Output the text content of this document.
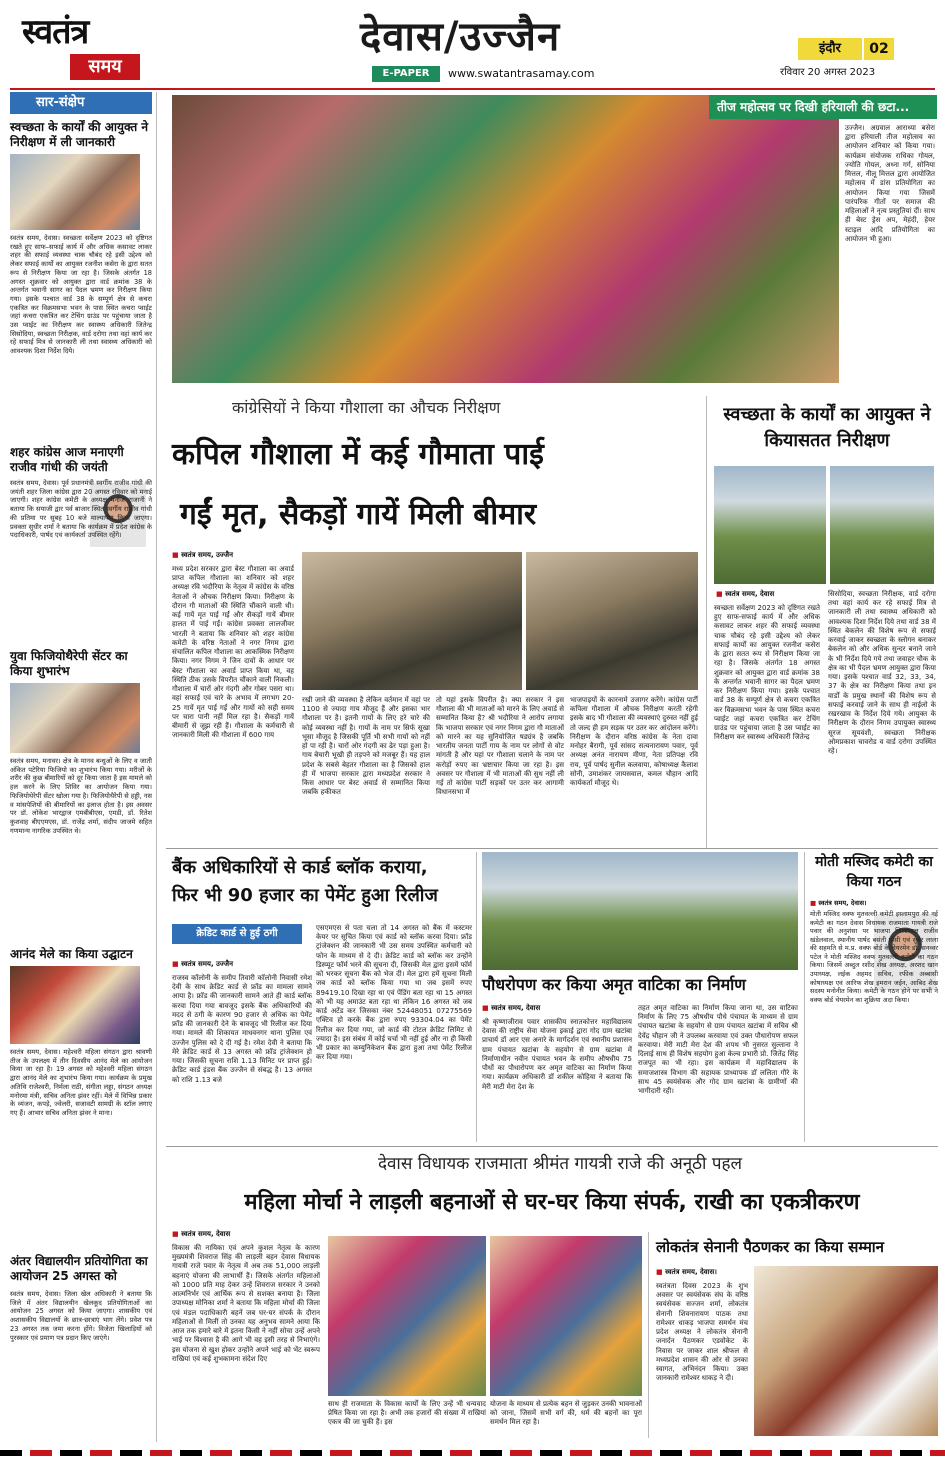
स्वतंत्र
समय
देवास/उज्जैन
E-PAPER	www.swatantrasamay.com
इंदौर	02
रविवार 20 अगस्त 2023
सार-संक्षेप
स्वच्छता के कार्यों की आयुक्त ने निरीक्षण में ली जानकारी
स्वतंत्र समय, देवास। स्वच्छता सर्वेक्षण 2023 को दृष्टिगत रखते हुए साफ–सफाई कार्य में और अधिक कसावट लाकर शहर की सफाई व्यवस्था चाक चौबंद रहे इसी उद्देश्य को लेकर सफाई कार्यो का आयुक्त रजनीश कसेरा के द्वारा सतत रूप से निरीक्षण किया जा रहा है। जिसके अंतर्गत 18 अगस्त शुक्रवार को आयुक्त द्वारा वार्ड क्रमांक 38 के अन्तर्गत भवानी सागर का पैदल भ्रमण कर निरीक्षण किया गया। इसके पश्चात वार्ड 38 के सम्पूर्ण क्षेत्र से कचरा एकत्रित कर विक्रमसभा भवन के पास स्थित कचरा प्वाईट जहां कचरा एकत्रित कर टेचिंग ग्राउंड पर पहुंचाया जाता है उस प्वाईट का निरीक्षण कर स्वास्थ्य अधिकारी जितेन्द्र सिसोदिया, स्वच्छता निरीक्षक, वार्ड दरोगा तथा वहां कार्य कर रहे सफाई मित्र से जानकारी ली तथा स्वास्थ्य अधिकारी को आवश्यक दिशा निर्देश दिये।
शहर कांग्रेस आज मनाएगी राजीव गांधी की जयंती
स्वतंत्र समय, देवास। पूर्व प्रधानमंत्री स्वर्गीय राजीव गांधी की जयंती शहर जिला कांग्रेस द्वारा 20 अगस्त रविवार को मनाई जाएगी। शहर कांग्रेस कमेटी के अध्यक्ष मनोज राजानी ने बताया कि सयाजी द्वार पर्व बाजार स्थित स्वर्गीय राजीव गांधी की प्रतिमा पर सुबह 10 बजे माल्यार्पण किया जाएगा। प्रवक्ता सुधीर शर्मा ने बताया कि कार्यक्रम में प्रदेश कांग्रेस के पदाधिकारी, पार्षद एवं कार्यकर्ता उपस्थित रहेंगे।
युवा फिजियोथैरेपी सेंटर का किया शुभारंभ
स्वतंत्र समय, मनावर। क्षेत्र के मानव बन्धुओं के लिए व जाती अंकित पटेरिया फिजियो का शुभारंभ किया गया। मरीजों के शरीर की कुछ बीमारियों को दूर किया जाता है इस मामले को हल करने के लिए शिविर का आयोजन किया गया। फिजियोथेरेपी सेंटर खोला गया है। फिजियोथैरेपी से हड्डी, नस व मांसपेशियों की बीमारियों का इलाज होता है। इस अवसर पर डॉ. लोकेश भारद्वाज एमबीबीएस, एमडी, डॉ. रितेश कुशवाह बीएएमएस, डॉ. राजेंद्र शर्मा, संदीप जाजमे सहित गणमान्य नागरिक उपस्थित थे।
आनंद मेले का किया उद्घाटन
स्वतंत्र समय, देवास। महेश्वरी महिला संगठन द्वारा श्रावणी तीज के उपलक्ष्य में तीन दिवसीय आनंद मेले का आयोजन किया जा रहा है। 19 अगस्त को महेश्वरी महिला संगठन द्वारा आनंद मेले का शुभारंभ किया गया। कार्यक्रम के प्रमुख अतिथि राजेश्वरी, निर्मला राठी, संगीता लड्डा, संगठन अध्यक्ष मनोरमा मंत्री, सचिव अनिता झंवर रहीं। मेले में विभिन्न प्रकार के व्यंजन, कपड़े, ज्वेलरी, सजावटी सामग्री के स्टॉल लगाए गए हैं। आभार सचिव अनिता झंवर ने माना।
अंतर विद्यालयीन प्रतियोगिता का आयोजन 25 अगस्त को
स्वतंत्र समय, देवास। जिला खेल अधिकारी ने बताया कि जिले में अंतर विद्यालयीन खेलकूद प्रतियोगिताओं का आयोजन 25 अगस्त को किया जाएगा। शासकीय एवं अशासकीय विद्यालयों के छात्र-छात्राएं भाग लेंगे। प्रवेश पत्र 23 अगस्त तक जमा करना होंगे। विजेता खिलाड़ियों को पुरस्कार एवं प्रमाण पत्र प्रदान किए जाएंगे।
तीज महोत्सव पर दिखी हरियाली की छटा...
उज्जैन। अग्रवाल आराध्या बसेरा द्वारा हरियाली तीज महोत्सव का आयोजन शनिवार को किया गया। कार्यक्रम संयोजक राधिका गोयल, ज्योति गोयल, अध्ना गर्ग, सोनिया मित्तल, नीलू मित्तल द्वारा आयोजित महोत्सव में डांस प्रतियोगिता का आयोजन किया गया जिसमें पारंपरिक गीतों पर समाज की महिलाओं ने नृत्य प्रस्तुतियां दीं। साथ ही बेस्ट ड्रेस अप, मेहंदी, हेयर स्टाइल आदि प्रतियोगिता का आयोजन भी हुआ।
कांग्रेसियों ने किया गौशाला का औचक निरीक्षण
कपिल गौशाला में कई गौमाता पाई
गईं मृत, सैकड़ों गायें मिली बीमार
■ स्वतंत्र समय, उज्जैन
मध्य प्रदेश सरकार द्वारा बेस्ट गौशाला का अवार्ड प्राप्त कपिल गौशाला का शनिवार को शहर अध्यक्ष रवि भदौरिया के नेतृत्व में कांग्रेस के वरिष्ठ नेताओं ने औचक निरीक्षण किया। निरीक्षण के दौरान गौ माताओं की स्थिति चौंकाने वाली थी। कई गायें मृत पाई गईं और सैकड़ों गायें बीमार हालत में पाई गईं। कांग्रेस प्रवक्ता लालजीवर भारती ने बताया कि शनिवार को शहर कांग्रेस कमेटी के वरिष्ठ नेताओं ने नगर निगम द्वारा संचालित कपिल गौशाला का आकस्मिक निरीक्षण किया। नगर निगम ने जिन दावों के आधार पर बेस्ट गौशाला का अवार्ड प्राप्त किया था, वह स्थिति ठीक उसके विपरीत चौंकाने वाली निकली। गौशाला में चारों ओर गंदगी और गोबर पसरा था। वहां सफाई एवं चारे के अभाव में लगभग 20-25 गायें मृत पाई गईं और गायों को सही समय पर चारा पानी नहीं मिल रहा है। सैकड़ों गायें बीमारी से जूझ रही हैं। गौशाला के कर्मचारी से जानकारी मिली की गौशाला में 600 गाय
रखी जाने की व्यवस्था है लेकिन वर्तमान में वहां पर 1100 से ज्यादा गाय मौजूद हैं और इसका भार गौशाला पर है। इतनी गायों के लिए हरे चारे की कोई व्यवस्था नहीं है। गायों के नाम पर सिर्फ सूखा भूसा मौजूद है जिसकी पूर्ति भी सभी गायों को नहीं हो पा रही है। चारों ओर गंदगी का ढेर पड़ा हुआ है। गाय बेचारी भूखी ही तड़पने को मजबूर हैं। यह हाल प्रदेश के सबसे बेहतर गौशाला का है जिसको हाल ही में भाजपा सरकार द्वारा मध्यप्रदेश सरकार ने किस आधार पर बेस्ट अवार्ड से सम्मानित किया जबकि हकीकत
तो यहां इसके विपरीत है। क्या सरकार ने इस गौशाला की भी माताओं को मारने के लिए अवार्ड से सम्मानित किया है? श्री भदौरिया ने आरोप लगाया कि भाजपा सरकार एवं नगर निगम द्वारा गौ माताओं को मारने का यह सुनियोजित षड्यंत्र है जबकि भारतीय जनता पार्टी गाय के नाम पर लोगों से वोट मांगती है और यहां पर गौशाला चलाने के नाम पर करोड़ों रुपए का भ्रष्टाचार किया जा रहा है। इस अवसर पर गौशाला में भी माताओं की सुध नहीं ली गई तो कांग्रेस पार्टी सड़कों पर उतर कर आगामी विधानसभा में
भाजपाइयों के कारनामे उजागर करेंगे। कांग्रेस पार्टी कपिला गौशाला में औचक निरीक्षण करती रहेगी इसके बाद भी गौशाला की व्यवस्थाएं दुरुस्त नहीं हुई तो जल्द ही हम सड़क पर उतर कर आंदोलन करेंगे। निरीक्षण के दौरान वरिष्ठ कांग्रेस के नेता दावा मनोहर बैरागी, पूर्व सांसद सत्यनारायण पवार, पूर्व अध्यक्ष अनंत नारायण मीणा, नेता प्रतिपक्ष रवि राय, पूर्व पार्षद सुनील कलवाया, कोषाध्यक्ष कैलाश सोनी, उमाशंकर जायसवाल, कमल चौहान आदि कार्यकर्ता मौजूद थे।
स्वच्छता के कार्यों का आयुक्त ने कियासतत निरीक्षण
■ स्वतंत्र समय, देवास
स्वच्छता सर्वेक्षण 2023 को दृष्टिगत रखते हुए साफ-सफाई कार्य में और अधिक कसावट लाकर शहर की सफाई व्यवस्था चाक चौबंद रहे इसी उद्देश्य को लेकर सफाई कार्यों का आयुक्त रजनीश कसेरा के द्वारा सतत रूप से निरीक्षण किया जा रहा है। जिसके अंतर्गत 18 अगस्त शुक्रवार को आयुक्त द्वारा वार्ड क्रमांक 38 के अन्तर्गत भवानी सागर का पैदल भ्रमण कर निरीक्षण किया गया। इसके पश्चात वार्ड 38 के सम्पूर्ण क्षेत्र से कचरा एकत्रित कर विक्रमसभा भवन के पास स्थित कचरा प्वाईट जहां कचरा एकत्रित कर टेचिंग ग्राउंड पर पहुंचाया जाता है उस प्वाईट का निरीक्षण कर स्वास्थ्य अधिकारी जितेन्द्र
सिसोदिया, स्वच्छता निरीक्षक, वार्ड दरोगा तथा वहां कार्य कर रहे सफाई मित्र से जानकारी ली तथा स्वास्थ्य अधिकारी को आवश्यक दिशा निर्देश दिये तथा वार्ड 38 में स्थित बेकलेन की विशेष रूप से सफाई करवाई जाकर स्वच्छता के स्लोगन बनाकर बेकलेन को और अधिक सुन्दर बनाने जाने के भी निर्देश दिये गये तथा जवाहर चौक के क्षेत्र का भी पैदल भ्रमण आयुक्त द्वारा किया गया। इसके पश्चात वार्ड 32, 33, 34, 37 के क्षेत्र का निरीक्षण किया तथा इन वार्डों के प्रमुख स्थानों की विशेष रूप से सफाई करवाई जाने के साथ ही नाईलो के रखरखाव के निर्देश दिये गये। आयुक्त के निरीक्षण के दौरान निगम उपायुक्त स्वास्थ्य सूरज सूयवंशी, स्वच्छता निरीक्षक ओमप्रकाश चावरोड व वार्ड दरोगा उपस्थित रहे।
बैंक अधिकारियों से कार्ड ब्लॉक कराया,
फिर भी 90 हजार का पेमेंट हुआ रिलीज
क्रेडिट कार्ड से हुई ठगी
■ स्वतंत्र समय, उज्जैन
राजस्व कॉलोनी के समीप तिवारी कॉलोनी निवासी रमेश देवी के साथ क्रेडिट कार्ड से फ्रॉड का मामला सामने आया है। फ्रॉड की जानकारी सामने आते ही कार्ड ब्लॉक करवा दिया गया बावजूद इसके बैंक अधिकारियों की मदद से ठगी के कारण 90 हजार से अधिक का पेमेंट फ्रॉड की जानकारी देने के बावजूद भी रिलीज कर दिया गया। मामले की शिकायत माधवनगर थाना पुलिस एवं उज्जैन पुलिस को दे दी गई है। रमेश देवी ने बताया कि मेरे क्रेडिट कार्ड से 13 अगस्त को फ्रॉड ट्रांजेक्शन हो गया। जिसकी सूचना राशि 1.13 मिनिट पर प्राप्त हुई। क्रेडिट कार्ड इंडस बैंक उज्जैन से संबद्ध है। 13 अगस्त को राशि 1.13 बजे
एसएमएस से पता चला तो 14 अगस्त को बैंक में कस्टमर केयर पर सूचित किया एवं कार्ड को ब्लॉक करवा दिया। फ्रॉड ट्रांजेक्शन की जानकारी भी उस समय उपस्थित कर्मचारी को फोन के माध्यम से दे दी। क्रेडिट कार्ड को ब्लॉक कर उन्होंने डिस्प्यूट फॉर्म भरने की सूचना दी, जिसकी मेल द्वारा इसमें फॉर्म को भरकर सूचना बैंक को भेज दी। मेल द्वारा हमें सूचना मिली जब कार्ड को ब्लॉक किया गया था जब इसमें रुपए 89419.10 दिखा रहा था एवं पेंडिंग बता रहा था 15 अगस्त को भी यह अमाउंट बता रहा था लेकिन 16 अगस्त को जब कार्ड अटेंड कर जिसका नंबर 52448051 07275569 एक्टिव हो करके बैंक द्वारा रुपए 93304.04 का पेमेंट रिलीज कर दिया गया, जो कार्ड की टोटल क्रेडिट लिमिट से ज्यादा है। इस संबंध में कोई चर्चा भी नहीं हुई और ना ही किसी भी प्रकार का कम्युनिकेशन बैंक द्वारा हुआ तथा पेमेंट रिलीज कर दिया गया।
पौधरोपण कर किया अमृत वाटिका का निर्माण
■ स्वतंत्र समय, देवास
श्री कृष्णाजीराव पवार शासकीय स्नातकोत्तर महाविद्यालय देवास की राष्ट्रीय सेवा योजना इकाई द्वारा गोद ग्राम खटांबा प्राचार्य डॉ आर एस अनारे के मार्गदर्शन एवं स्थानीय प्रशासन ग्राम पंचायत खटांबा के सहयोग से ग्राम खटांबा में निर्माणाधीन नवीन पंचायत भवन के समीप औषधीय 75 पौधों का पौधारोपण कर अमृत वाटिका का निर्माण किया गया। कार्यक्रम अधिकारी डॉ शकील कोहिया ने बताया कि मेरी माटी मेरा देश के
तहत अमृत वाटिका का निर्माण किया जाना था, उस वाटिका निर्माण के लिए 75 औषधीय पौधे पंचायत के माध्यम से ग्राम पंचायत खटांबा के सहयोग से ग्राम पंचायत खटांबा में सचिव श्री देवेंद्र चौहान जी ने उपलब्ध करवाया एवं उक्त पौधारोपण सफल करवाया। मेरी माटी मेरा देश की शपथ भी नुसरत सुल्ताना ने दिलाई साथ ही विशेष सहयोग हुआ केल्व प्रभारी प्रो. जितेंद्र सिंह राजपूत का भी रहा। इस कार्यक्रम में महाविद्यालय के समाजशास्त्र विभाग की सहायक प्राध्यापक डॉ ललिता गौरे के साथ 45 स्वयंसेवक और गोद ग्राम खटांबा के ग्रामीणों की भागीदारी रही।
मोती मस्जिद कमेटी का किया गठन
■ स्वतंत्र समय, देवास।
मोती मस्जिद वक्फ मुतवल्ली कमेटी इस्लामपुरा की नई कमेटी का गठन देवास विधायक राजमाता गायत्री राजे पवार की अनुशंसा पर भाजपा जिलाध्यक्ष राजीव खंडेलवाल, स्थानीय पार्षद बसंती घोसी एवं सुवेर लाला की सहमति से म.प्र. वक्फ बोर्ड के चेयरमेन डॉ. सनव्वर पटेल ने मोती मस्जिद वक्फ मुतवल्ली कमेटी का गठन किया। जिसमें अब्दुल रशीद शेख अध्यक्ष, अरशद खान उपाध्यक्ष, लईक अहमद सचिव, रफीक अब्बासी कोषाध्यक्ष एवं आरिफ शेख इमरान जईन, आबिद शेख सदस्य मनोनीत किया। कमेटी के गठन होने पर सभी ने वक्फ बोर्ड चेयरमेन का शुक्रिया अदा किया।
देवास विधायक राजमाता श्रीमंत गायत्री राजे की अनूठी पहल
महिला मोर्चा ने लाड़ली बहनाओं से घर-घर किया संपर्क, राखी का एकत्रीकरण
■ स्वतंत्र समय, देवास
विकास की नायिका एवं अपने कुशल नेतृत्व के कारण मुख्यमंत्री शिवराज सिंह की लाड़ली बहन देवास विधायक गायत्री राजे पवार के नेतृत्व में अब तक 51,000 लाड़ली बहनाएं योजना की लाभार्थी हैं। जिसके अंतर्गत महिलाओं को 1000 प्रति माह देकर उन्हें शिवराज सरकार ने उनको आत्मनिर्भर एवं आर्थिक रूप से सशक्त बनाया है। जिला उपाध्यक्ष मोनिका शर्मा ने बताया कि महिला मोर्चा की जिला एवं मंडल पदाधिकारी बहनें जब घर-घर संपर्क के दौरान महिलाओं से मिलीं तो उनका यह अनुभव सामने आया कि आज तक हमारे बारे में इतना किसी ने नहीं सोचा उन्हें अपने भाई पर विश्वास है की आगे भी वह इसी तरह से निभाएंगे। इस योजना से खुश होकर उन्होंने अपने भाई को भेंट स्वरूप राखियां एवं कई शुभकामना संदेश दिए
साथ ही राजमाता के विकास कार्यों के लिए उन्हें भी धन्यवाद प्रेषित किया जा रहा है। अभी तक हजारों की संख्या में राखियां एकत्र की जा चुकी हैं। इस
योजना के माध्यम से प्रत्येक बहन से जुड़कर उनकी भावनाओं को जाना, जिसमें सभी वर्ग की, धर्म की बहनों का पूरा समर्थन मिल रहा है।
लोकतंत्र सेनानी पैठणकर का किया सम्मान
■ स्वतंत्र समय, देवास।
स्वतंत्रता दिवस 2023 के शुभ अवसर पर स्वयंसेवक संघ के वरिष्ठ स्वयंसेवक सज्जन शर्मा, लोकतंत्र सेनानी शिवनारायण पाठक तथा रामेश्वर धाकड़ भाजपा समर्थन मंच प्रदेश अध्यक्ष ने लोकतंत्र सेनानी जनार्दन पैठणकर एडवोकेट के निवास पर जाकर शाल श्रीफल से मध्यप्रदेश शासन की ओर से उनका स्वागत, अभिनंदन किया। उक्त जानकारी रामेश्वर धाकड़ ने दी।
